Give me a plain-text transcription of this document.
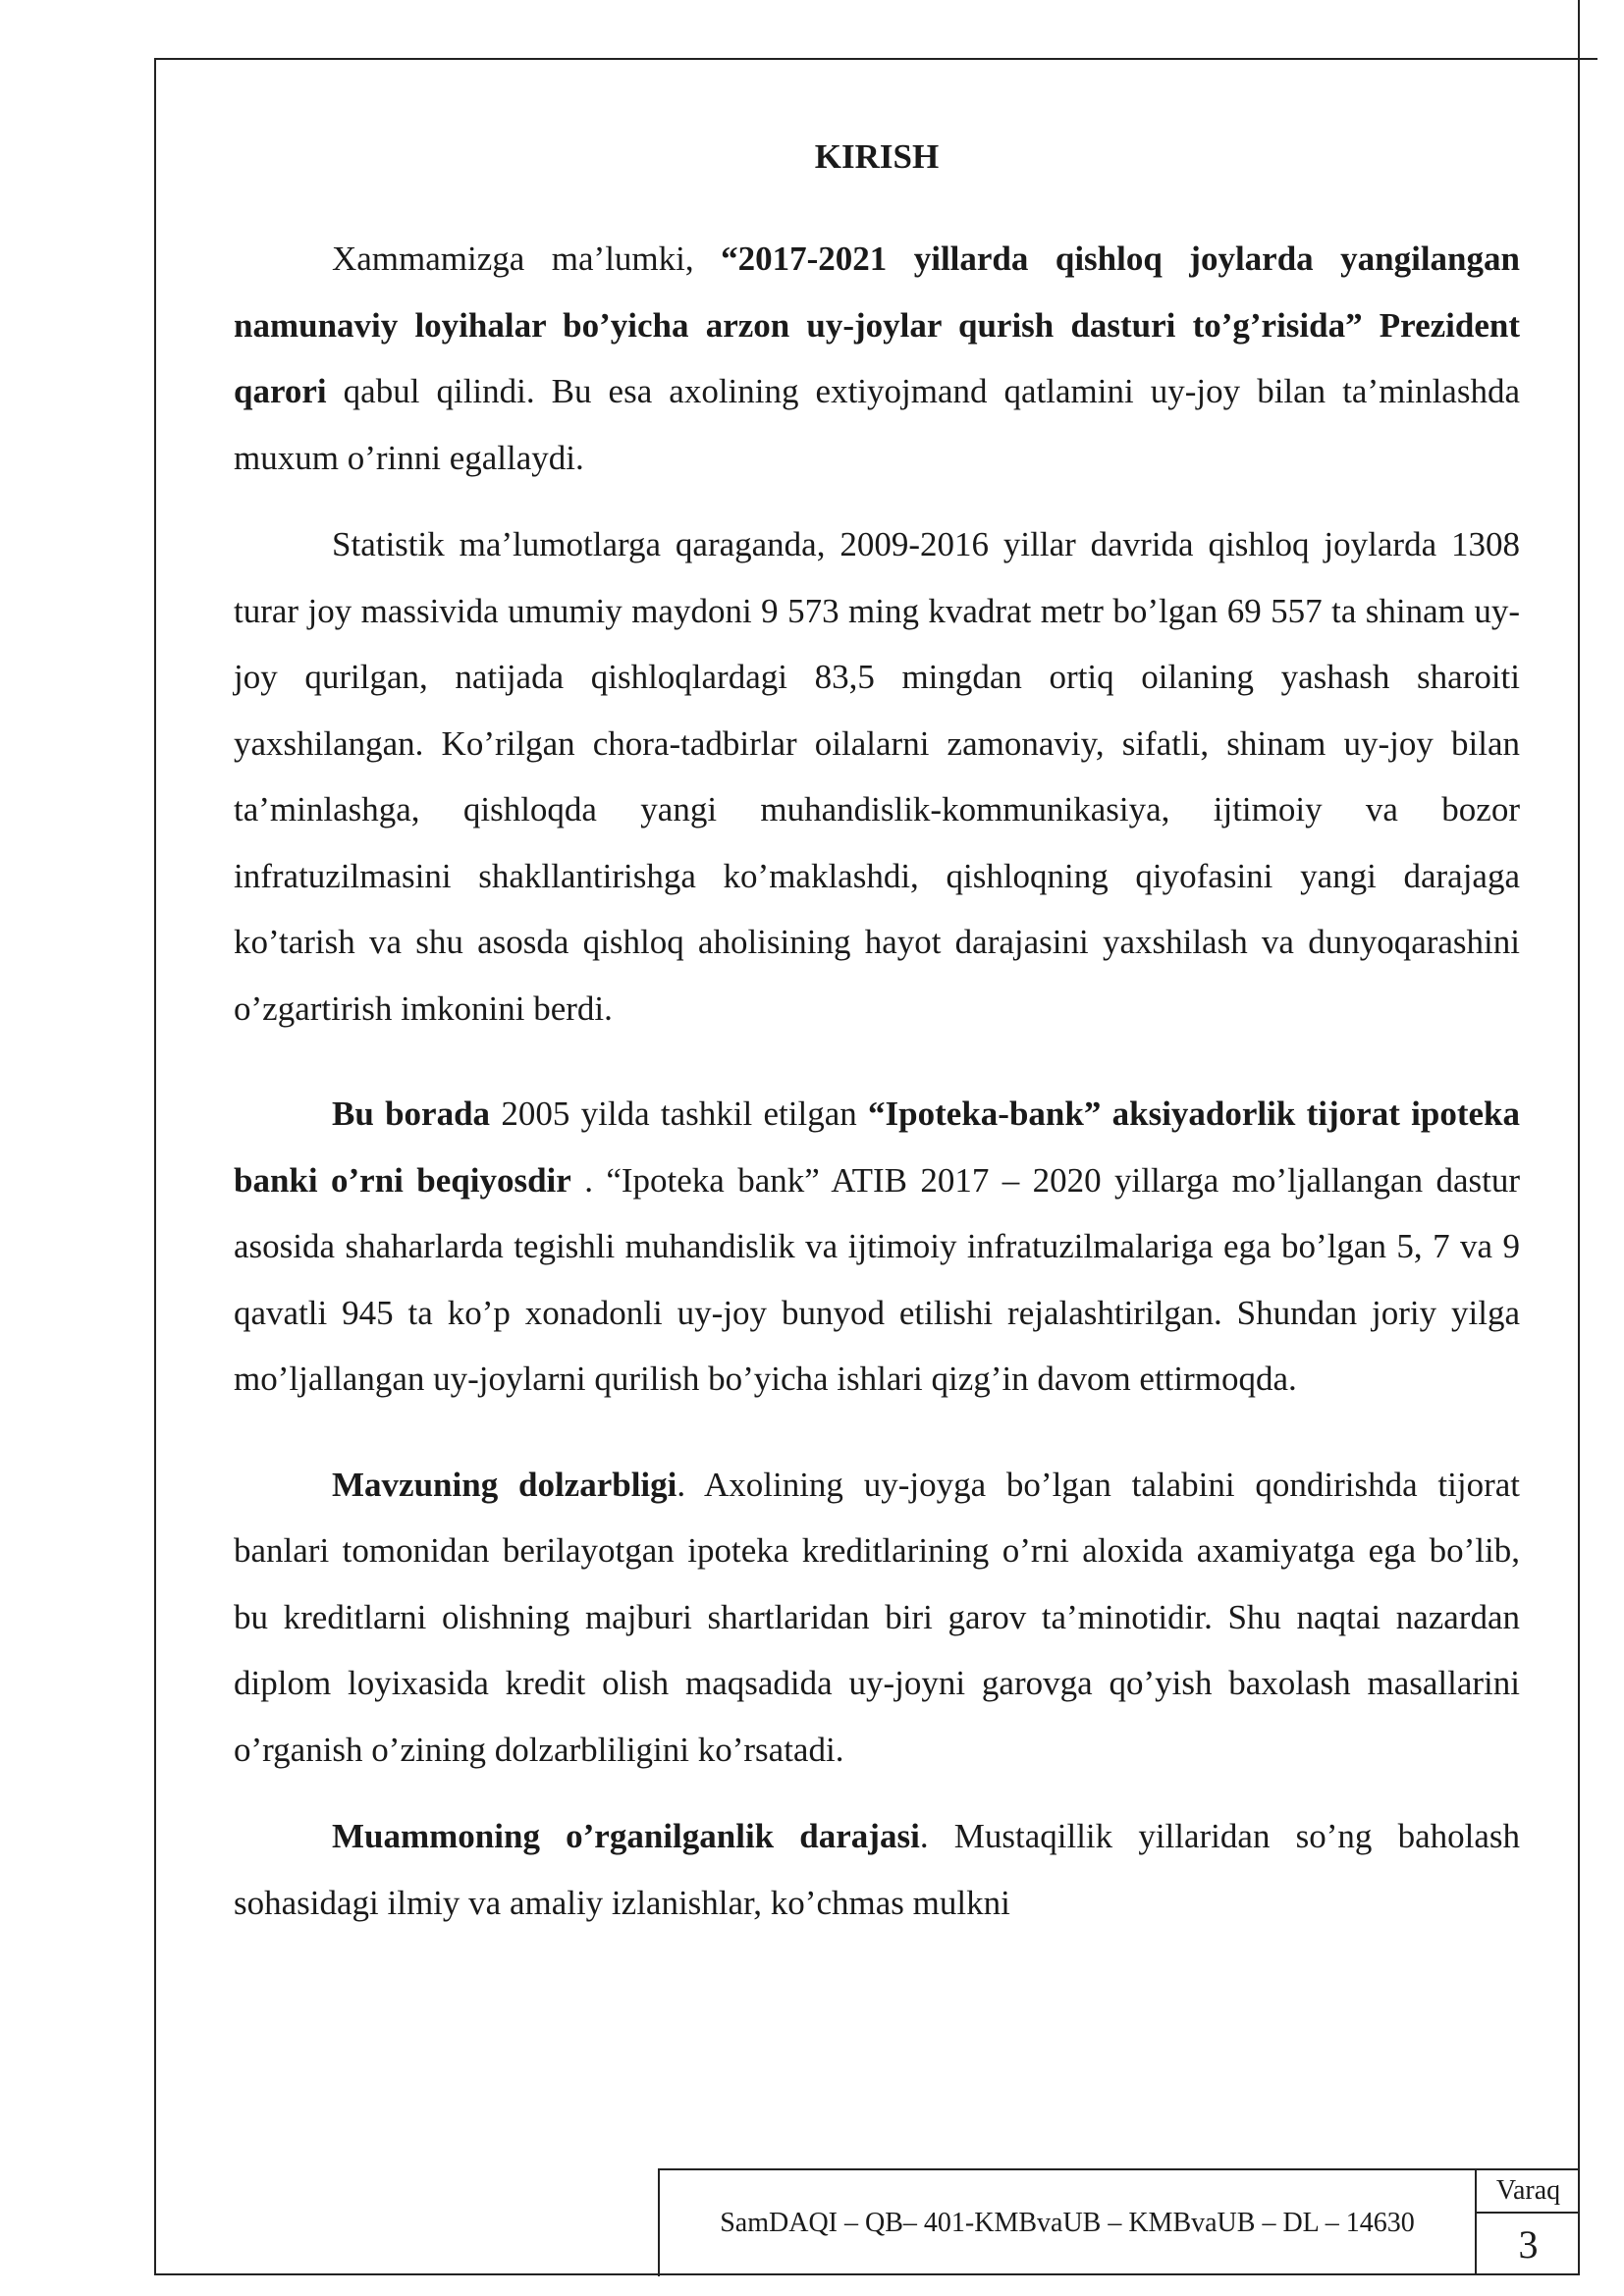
KIRISH

Xammamizga ma’lumki, “2017-2021 yillarda qishloq joylarda yangilangan namunaviy loyihalar bo’yicha arzon uy-joylar qurish dasturi to’g’risida” Prezident qarori qabul qilindi. Bu esa axolining extiyojmand qatlamini uy-joy bilan ta’minlashda muxum o’rinni egallaydi.

Statistik ma’lumotlarga qaraganda, 2009-2016 yillar davrida qishloq joylarda 1308 turar joy massivida umumiy maydoni 9 573 ming kvadrat metr bo’lgan 69 557 ta shinam uy-joy qurilgan, natijada qishloqlardagi 83,5 mingdan ortiq oilaning yashash sharoiti yaxshilangan. Ko’rilgan chora-tadbirlar oilalarni zamonaviy, sifatli, shinam uy-joy bilan ta’minlashga, qishloqda yangi muhandislik-kommunikasiya, ijtimoiy va bozor infratuzilmasini shakllantirishga ko’maklashdi, qishloqning qiyofasini yangi darajaga ko’tarish va shu asosda qishloq aholisining hayot darajasini yaxshilash va dunyoqarashini o’zgartirish imkonini berdi.

Bu borada 2005 yilda tashkil etilgan “Ipoteka-bank” aksiyadorlik tijorat ipoteka banki o’rni beqiyosdir . “Ipoteka bank” ATIB 2017 – 2020 yillarga mo’ljallangan dastur asosida shaharlarda tegishli muhandislik va ijtimoiy infratuzilmalariga ega bo’lgan 5, 7 va 9 qavatli 945 ta ko’p xonadonli uy-joy bunyod etilishi rejalashtirilgan. Shundan joriy yilga mo’ljallangan uy-joylarni qurilish bo’yicha ishlari qizg’in davom ettirmoqda.

Mavzuning dolzarbligi. Axolining uy-joyga bo’lgan talabini qondirishda tijorat banlari tomonidan berilayotgan ipoteka kreditlarining o’rni aloxida axamiyatga ega bo’lib, bu kreditlarni olishning majburi shartlaridan biri garov ta’minotidir. Shu naqtai nazardan diplom loyixasida kredit olish maqsadida uy-joyni garovga qo’yish baxolash masallarini o’rganish o’zining dolzarbliligini ko’rsatadi.

Muammoning o’rganilganlik darajasi. Mustaqillik yillaridan so’ng baholash sohasidagi ilmiy va amaliy izlanishlar, ko’chmas mulkni

SamDAQI – QB– 401-KMBvaUB – KMBvaUB – DL – 14630
Varaq
3
